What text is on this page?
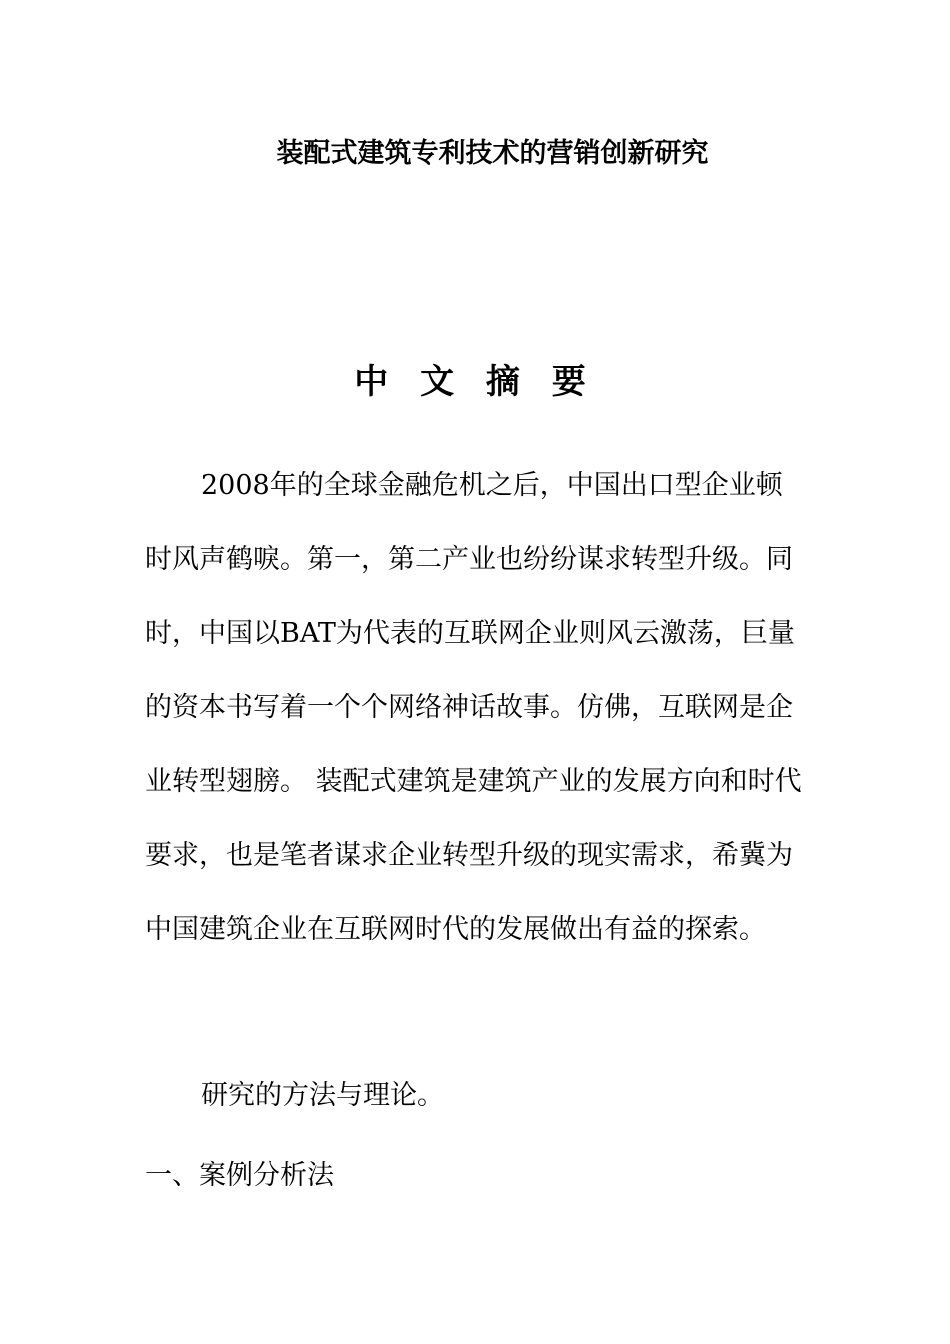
装配式建筑专利技术的营销创新研究
中 文 摘 要

2008年的全球金融危机之后，中国出口型企业顿时风声鹤唳。第一，第二产业也纷纷谋求转型升级。同时，中国以BAT为代表的互联网企业则风云激荡，巨量的资本书写着一个个网络神话故事。仿佛，互联网是企业转型翅膀。 装配式建筑是建筑产业的发展方向和时代要求，也是笔者谋求企业转型升级的现实需求，希冀为中国建筑企业在互联网时代的发展做出有益的探索。

研究的方法与理论。

一、案例分析法
